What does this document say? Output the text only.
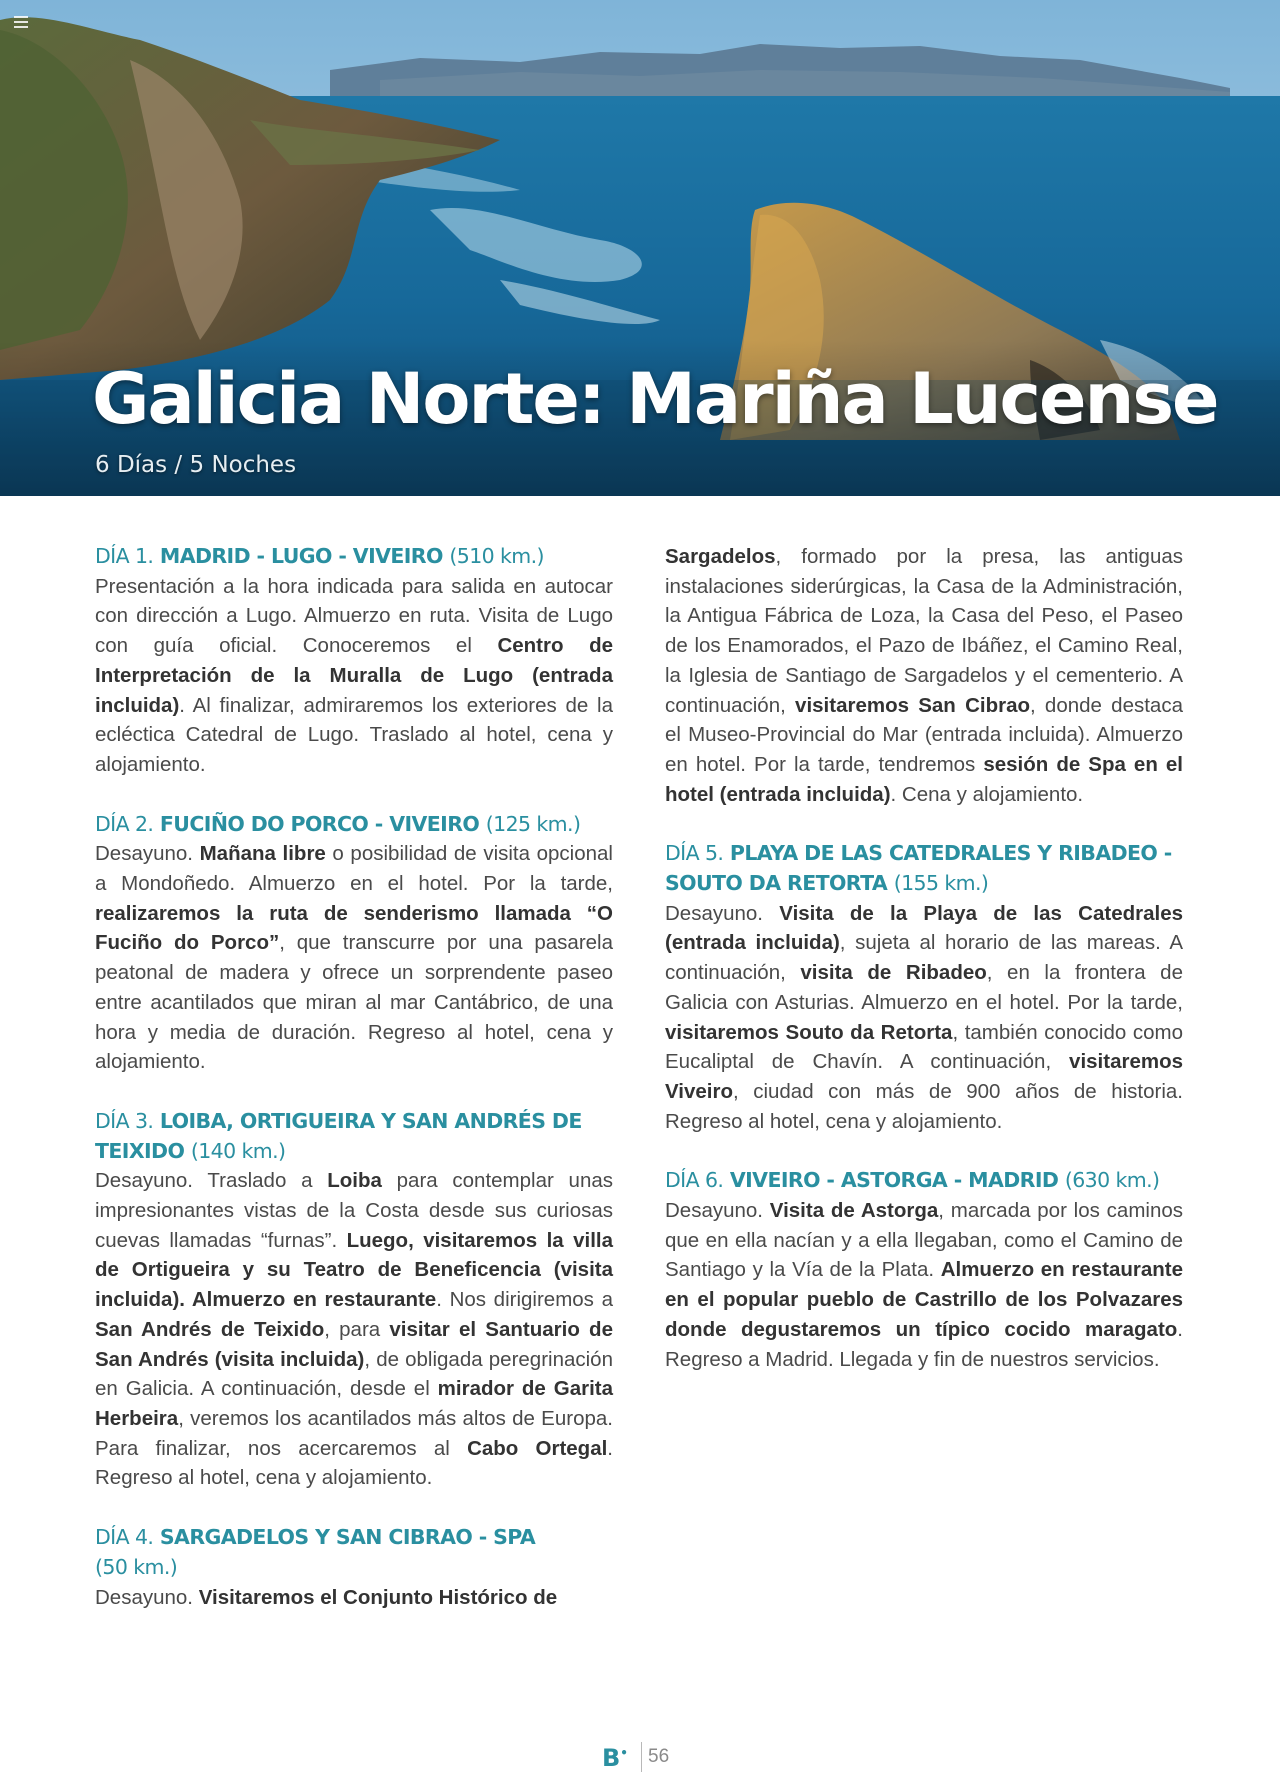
Galicia Norte: Mariña Lucense
6 Días / 5 Noches
DÍA 1. MADRID - LUGO - VIVEIRO (510 km.)

Presentación a la hora indicada para salida en autocar con dirección a Lugo. Almuerzo en ruta. Visita de Lugo con guía oficial. Conoceremos el Centro de Interpretación de la Muralla de Lugo (entrada incluida). Al finalizar, admiraremos los exteriores de la ecléctica Catedral de Lugo. Traslado al hotel, cena y alojamiento.

DÍA 2. FUCIÑO DO PORCO - VIVEIRO (125 km.)

Desayuno. Mañana libre o posibilidad de visita opcional a Mondoñedo. Almuerzo en el hotel. Por la tarde, realizaremos la ruta de senderismo llamada “O Fuciño do Porco”, que transcurre por una pasarela peatonal de madera y ofrece un sorprendente paseo entre acantilados que miran al mar Cantábrico, de una hora y media de duración. Regreso al hotel, cena y alojamiento.

DÍA 3. LOIBA, ORTIGUEIRA Y SAN ANDRÉS DE TEIXIDO (140 km.)

Desayuno. Traslado a Loiba para contemplar unas impresionantes vistas de la Costa desde sus curiosas cuevas llamadas “furnas”. Luego, visitaremos la villa de Ortigueira y su Teatro de Beneficencia (visita incluida). Almuerzo en restaurante. Nos dirigiremos a San Andrés de Teixido, para visitar el Santuario de San Andrés (visita incluida), de obligada peregrinación en Galicia. A continuación, desde el mirador de Garita Herbeira, veremos los acantilados más altos de Europa. Para finalizar, nos acercaremos al Cabo Ortegal. Regreso al hotel, cena y alojamiento.

DÍA 4. SARGADELOS Y SAN CIBRAO - SPA
(50 km.)

Desayuno. Visitaremos el Conjunto Histórico de

Sargadelos, formado por la presa, las antiguas instalaciones siderúrgicas, la Casa de la Administración, la Antigua Fábrica de Loza, la Casa del Peso, el Paseo de los Enamorados, el Pazo de Ibáñez, el Camino Real, la Iglesia de Santiago de Sargadelos y el cementerio. A continuación, visitaremos San Cibrao, donde destaca el Museo-Provincial do Mar (entrada incluida). Almuerzo en hotel. Por la tarde, tendremos sesión de Spa en el hotel (entrada incluida). Cena y alojamiento.

DÍA 5. PLAYA DE LAS CATEDRALES Y RIBADEO - SOUTO DA RETORTA (155 km.)

Desayuno. Visita de la Playa de las Catedrales (entrada incluida), sujeta al horario de las mareas. A continuación, visita de Ribadeo, en la frontera de Galicia con Asturias. Almuerzo en el hotel. Por la tarde, visitaremos Souto da Retorta, también conocido como Eucaliptal de Chavín. A continuación, visitaremos Viveiro, ciudad con más de 900 años de historia. Regreso al hotel, cena y alojamiento.

DÍA 6. VIVEIRO - ASTORGA - MADRID (630 km.)

Desayuno. Visita de Astorga, marcada por los caminos que en ella nacían y a ella llegaban, como el Camino de Santiago y la Vía de la Plata. Almuerzo en restaurante en el popular pueblo de Castrillo de los Polvazares donde degustaremos un típico cocido maragato. Regreso a Madrid. Llegada y fin de nuestros servicios.

B• 56
